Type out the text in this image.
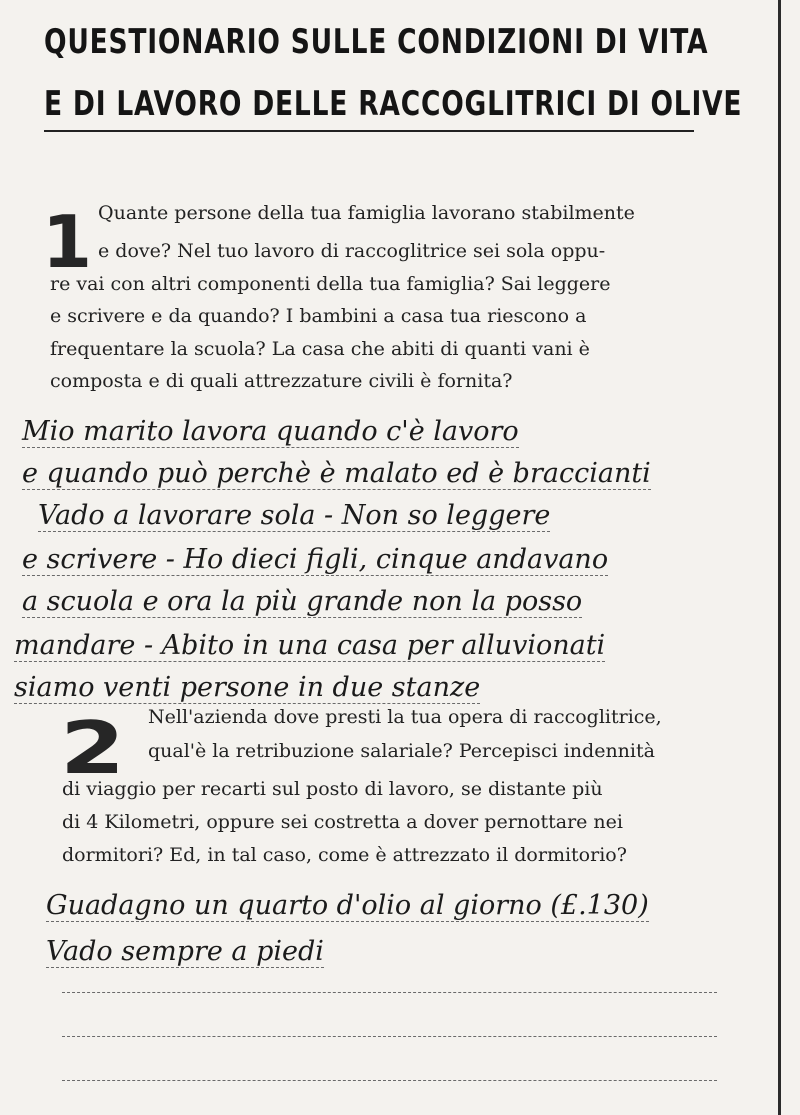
QUESTIONARIO SULLE CONDIZIONI DI VITA
E DI LAVORO DELLE RACCOGLITRICI DI OLIVE
1 Quante persone della tua famiglia lavorano stabilmente
e dove? Nel tuo lavoro di raccoglitrice sei sola oppu-
re vai con altri componenti della tua famiglia? Sai leggere
e scrivere e da quando? I bambini a casa tua riescono a
frequentare la scuola? La casa che abiti di quanti vani è
composta e di quali attrezzature civili è fornita?
Mio marito lavora quando c'è lavoro
e quando può perchè è malato ed è braccianti
Vado a lavorare sola - Non so leggere
e scrivere - Ho dieci figli, cinque andavano
a scuola e ora la più grande non la posso
mandare - Abito in una casa per alluvionati
siamo venti persone in due stanze
2 Nell'azienda dove presti la tua opera di raccoglitrice,
qual'è la retribuzione salariale? Percepisci indennità
di viaggio per recarti sul posto di lavoro, se distante più
di 4 Kilometri, oppure sei costretta a dover pernottare nei
dormitori? Ed, in tal caso, come è attrezzato il dormitorio?
Guadagno un quarto d'olio al giorno (£.130)
Vado sempre a piedi
